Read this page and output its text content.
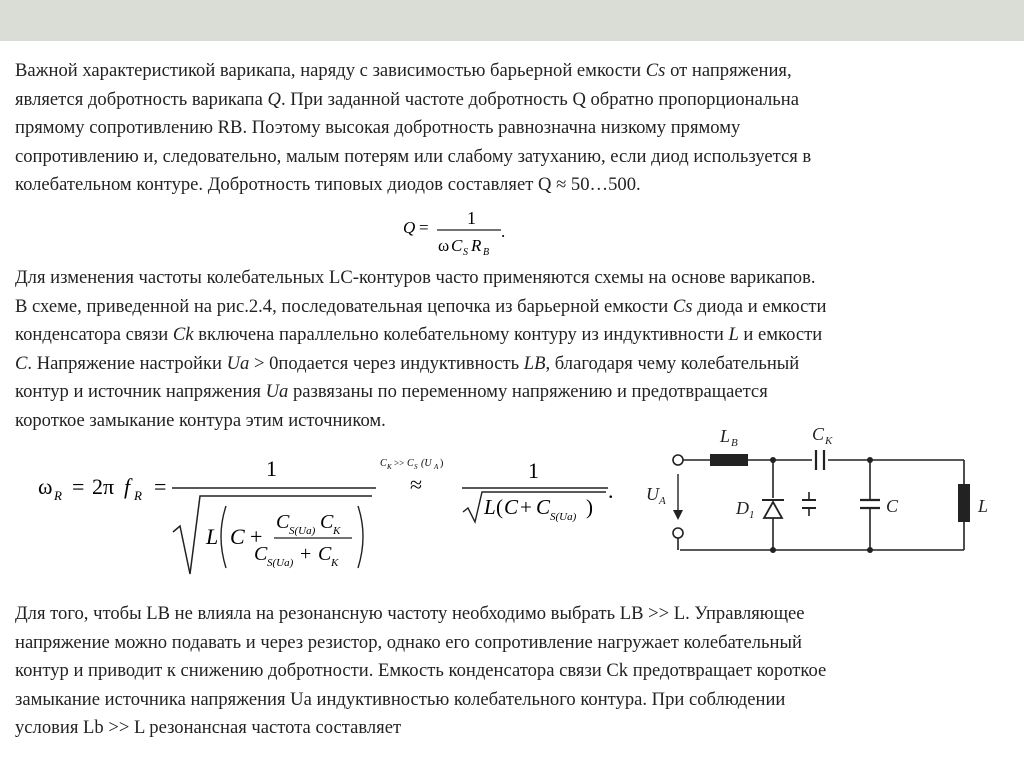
Важной характеристикой варикапа, наряду с зависимостью барьерной емкости Cs от напряжения,
является добротность варикапа Q. При заданной частоте добротность Q обратно пропорциональна
прямому сопротивлению RB. Поэтому высокая добротность равнозначна низкому прямому
сопротивлению и, следовательно, малым потерям или слабому затуханию, если диод используется в
колебательном контуре. Добротность типовых диодов составляет Q ≈ 50…500.
Q = 1
ω C S R B
.
Для изменения частоты колебательных LC-контуров часто применяются схемы на основе варикапов.
В схеме, приведенной на рис.2.4, последовательная цепочка из барьерной емкости Cs диода и емкости
конденсатора связи Ck включена параллельно колебательному контуру из индуктивности L и емкости
C. Напряжение настройки Ua > 0подается через индуктивность LB, благодаря чему колебательный
контур и источник напряжения Ua развязаны по переменному напряжению и предотвращается
короткое замыкание контура этим источником.
ω R = 2π f R =
1
L C +
C S(Ua) C K
C S(Ua) + C K
C K >> C S (U A )
≈
1
L ( C + C S(Ua) )
.
L B	C K
U A	D 1	C	L
Для того, чтобы LB не влияла на резонансную частоту необходимо выбрать LB >> L. Управляющее
напряжение можно подавать и через резистор, однако его сопротивление нагружает колебательный
контур и приводит к снижению добротности. Емкость конденсатора связи Ck предотвращает короткое
замыкание источника напряжения Ua индуктивностью колебательного контура. При соблюдении
условия Lb >> L резонансная частота составляет
